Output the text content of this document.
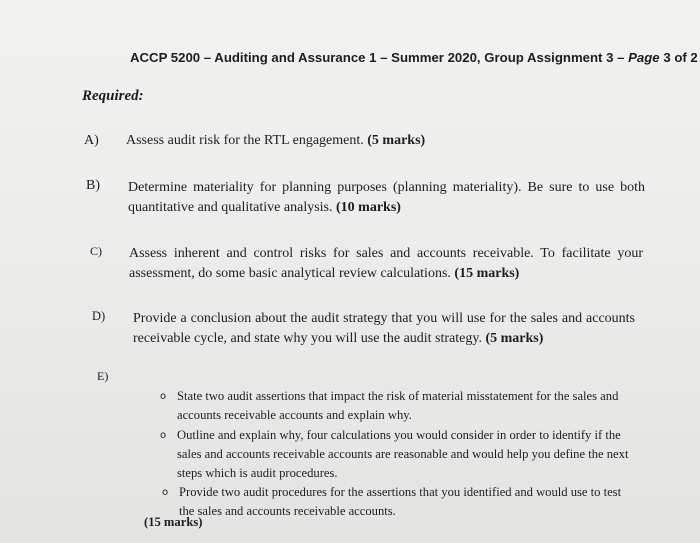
ACCP 5200 – Auditing and Assurance 1 – Summer 2020, Group Assignment 3 – Page 3 of 2
Required:
A) Assess audit risk for the RTL engagement. (5 marks)
B) Determine materiality for planning purposes (planning materiality). Be sure to use both quantitative and qualitative analysis. (10 marks)
C) Assess inherent and control risks for sales and accounts receivable. To facilitate your assessment, do some basic analytical review calculations. (15 marks)
D) Provide a conclusion about the audit strategy that you will use for the sales and accounts receivable cycle, and state why you will use the audit strategy. (5 marks)
E)
o State two audit assertions that impact the risk of material misstatement for the sales and accounts receivable accounts and explain why.
o Outline and explain why, four calculations you would consider in order to identify if the sales and accounts receivable accounts are reasonable and would help you define the next steps which is audit procedures.
o Provide two audit procedures for the assertions that you identified and would use to test the sales and accounts receivable accounts.
(15 marks)
